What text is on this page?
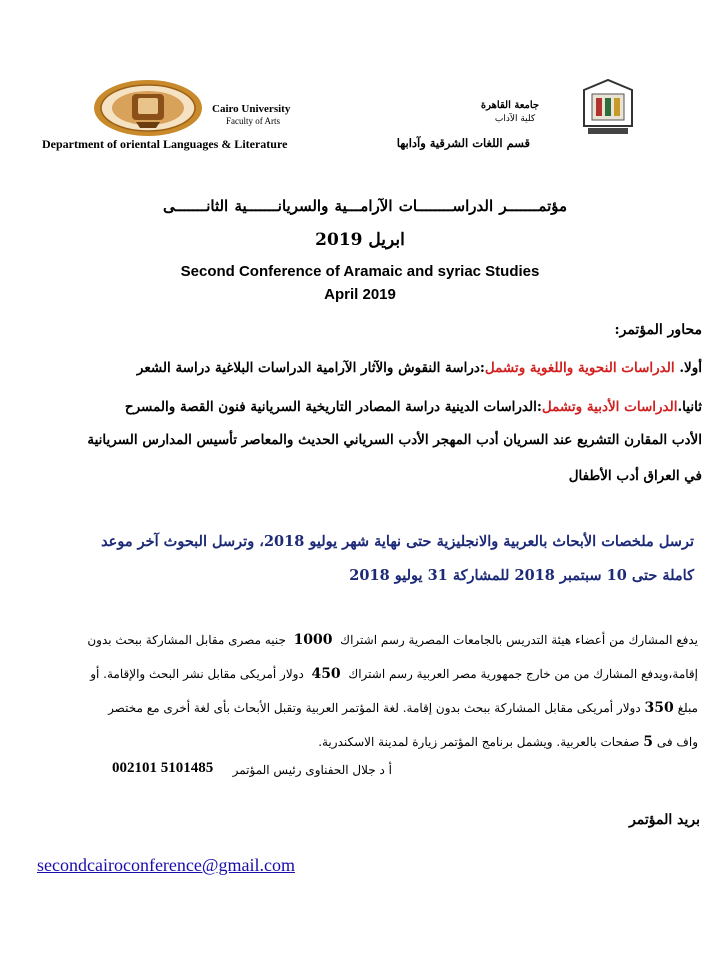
Cairo University
Faculty of Arts
جامعة القاهرة
كلية الآداب
Department of oriental Languages & Literature	قسم اللغات الشرقية وآدابها
مؤتمـــــــر الدراســــــــات الآرامـــية والسريانـــــــية الثانـــــــى
ابريل 2019
Second Conference of Aramaic and syriac Studies
April 2019
محاور المؤتمر:
أولا. الدراسات النحوية واللغوية وتشمل:دراسة النقوش والآثار الآرامية الدراسات البلاغية دراسة الشعر
ثانيا.الدراسات الأدبية وتشمل:الدراسات الدينية دراسة المصادر التاريخية السريانية فنون القصة والمسرح
الأدب المقارن التشريع عند السريان أدب المهجر الأدب السرياني الحديث والمعاصر تأسيس المدارس السريانية
في العراق أدب الأطفال
ترسل ملخصات الأبحاث بالعربية والانجليزية حتى نهاية شهر يوليو 2018، وترسل البحوث آخر موعد
كاملة حتى 10 سبتمبر 2018 للمشاركة 31 يوليو 2018
يدفع المشارك من أعضاء هيئة التدريس بالجامعات المصرية رسم اشتراك  1000  جنيه مصرى مقابل المشاركة ببحث بدون
إقامة،ويدفع المشارك من من خارج جمهورية مصر العربية رسم اشتراك  450  دولار أمريكى مقابل نشر البحث والإقامة. أو
مبلغ 350 دولار أمريكى مقابل المشاركة ببحث بدون إقامة. لغة المؤتمر العربية وتقبل الأبحاث بأى لغة أخرى مع مختصر
واف فى 5 صفحات بالعربية. ويشمل برنامج المؤتمر زيارة لمدينة الاسكندرية.
أ د جلال الحفناوى رئيس المؤتمر
002101 5101485
بريد المؤتمر
secondcairoconference@gmail.com
